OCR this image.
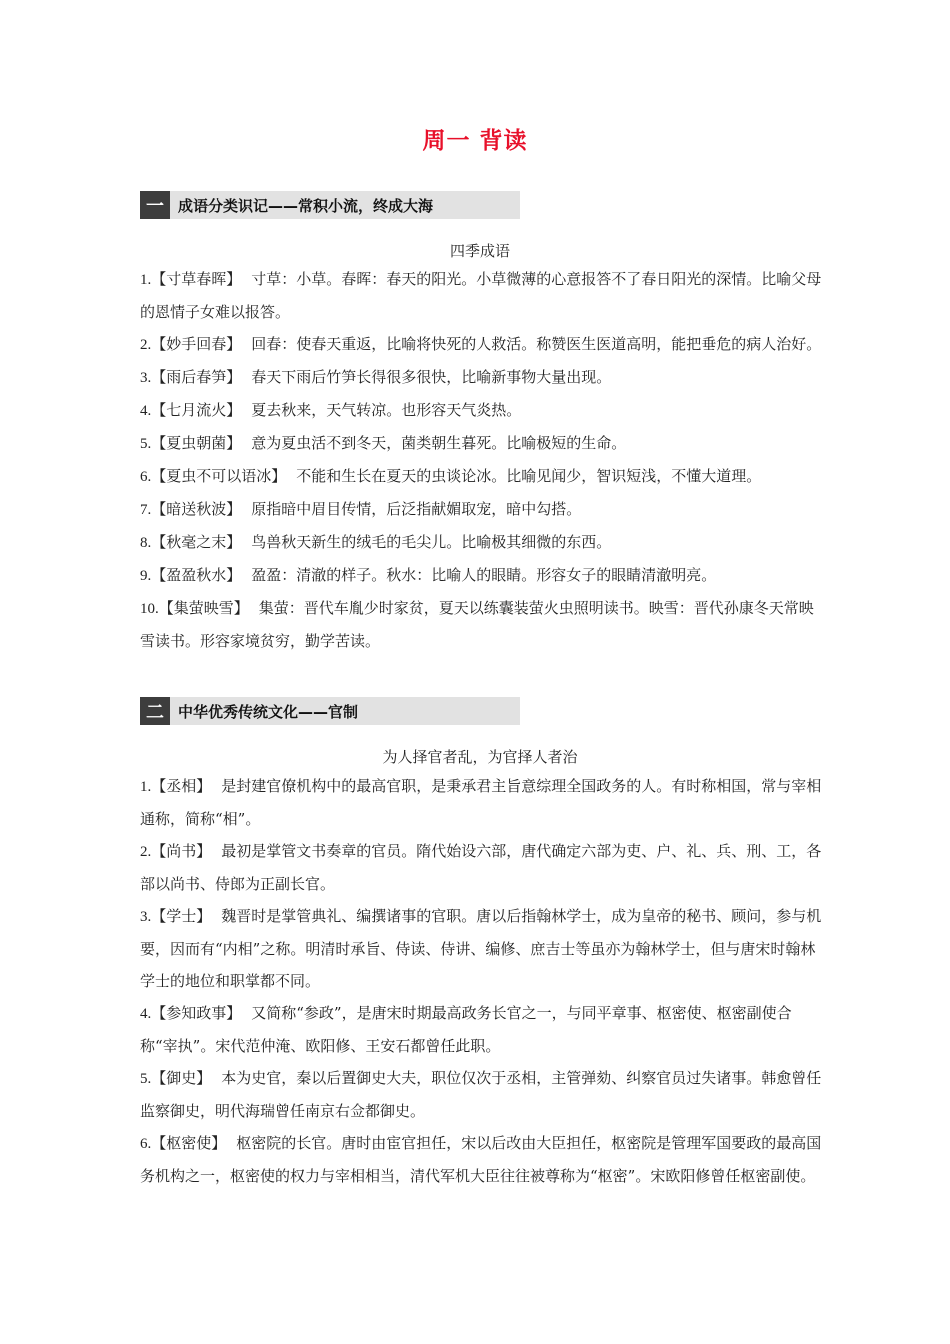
周一 背读
一 成语分类识记——常积小流，终成大海
四季成语

1.【寸草春晖】 寸草：小草。春晖：春天的阳光。小草微薄的心意报答不了春日阳光的深情。比喻父母的恩情子女难以报答。

2.【妙手回春】 回春：使春天重返，比喻将快死的人救活。称赞医生医道高明，能把垂危的病人治好。

3.【雨后春笋】 春天下雨后竹笋长得很多很快，比喻新事物大量出现。

4.【七月流火】 夏去秋来，天气转凉。也形容天气炎热。

5.【夏虫朝菌】 意为夏虫活不到冬天，菌类朝生暮死。比喻极短的生命。

6.【夏虫不可以语冰】 不能和生长在夏天的虫谈论冰。比喻见闻少，智识短浅，不懂大道理。

7.【暗送秋波】 原指暗中眉目传情，后泛指献媚取宠，暗中勾搭。

8.【秋毫之末】 鸟兽秋天新生的绒毛的毛尖儿。比喻极其细微的东西。

9.【盈盈秋水】 盈盈：清澈的样子。秋水：比喻人的眼睛。形容女子的眼睛清澈明亮。

10.【集萤映雪】 集萤：晋代车胤少时家贫，夏天以练囊装萤火虫照明读书。映雪：晋代孙康冬天常映雪读书。形容家境贫穷，勤学苦读。

二 中华优秀传统文化——官制
为人择官者乱，为官择人者治

1.【丞相】 是封建官僚机构中的最高官职，是秉承君主旨意综理全国政务的人。有时称相国，常与宰相通称，简称“相”。

2.【尚书】 最初是掌管文书奏章的官员。隋代始设六部，唐代确定六部为吏、户、礼、兵、刑、工，各部以尚书、侍郎为正副长官。

3.【学士】 魏晋时是掌管典礼、编撰诸事的官职。唐以后指翰林学士，成为皇帝的秘书、顾问，参与机要，因而有“内相”之称。明清时承旨、侍读、侍讲、编修、庶吉士等虽亦为翰林学士，但与唐宋时翰林学士的地位和职掌都不同。

4.【参知政事】 又简称“参政”，是唐宋时期最高政务长官之一，与同平章事、枢密使、枢密副使合称“宰执”。宋代范仲淹、欧阳修、王安石都曾任此职。

5.【御史】 本为史官，秦以后置御史大夫，职位仅次于丞相，主管弹劾、纠察官员过失诸事。韩愈曾任监察御史，明代海瑞曾任南京右佥都御史。

6.【枢密使】 枢密院的长官。唐时由宦官担任，宋以后改由大臣担任，枢密院是管理军国要政的最高国务机构之一，枢密使的权力与宰相相当，清代军机大臣往往被尊称为“枢密”。宋欧阳修曾任枢密副使。
